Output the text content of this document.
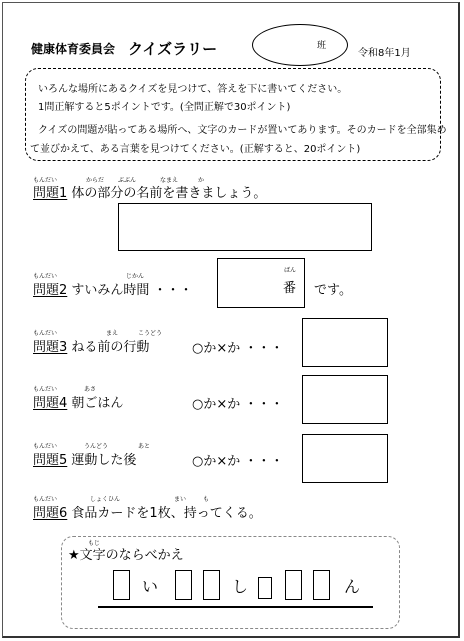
健康体育委員会 クイズラリー	班
令和8年1月
いろんな場所にあるクイズを見つけて、答えを下に書いてください。
1問正解すると5ポイントです。(全問正解で30ポイント)
クイズの問題が貼ってある場所へ、文字のカードが置いてあります。そのカードを全部集め
て並びかえて、ある言葉を見つけてください。(正解すると、20ポイント)
もんだい	からだ ぶぶん	なまえ	か
問題1 体の部分の名前を書きましょう。
もんだい	じかん
問題2 すいみん時間 ・・・
ばん
番 です。
もんだい	まえ	こうどう
問題3 ねる前の行動	○か×か ・・・
もんだい	あさ
問題4 朝ごはん	○か×か ・・・
もんだい	うんどう	あと
問題5 運動した後	○か×か ・・・
もんだい	しょくひん	まい	も
問題6 食品カードを1枚、持ってくる。
もじ
★文字のならべかえ
い	し	ん
